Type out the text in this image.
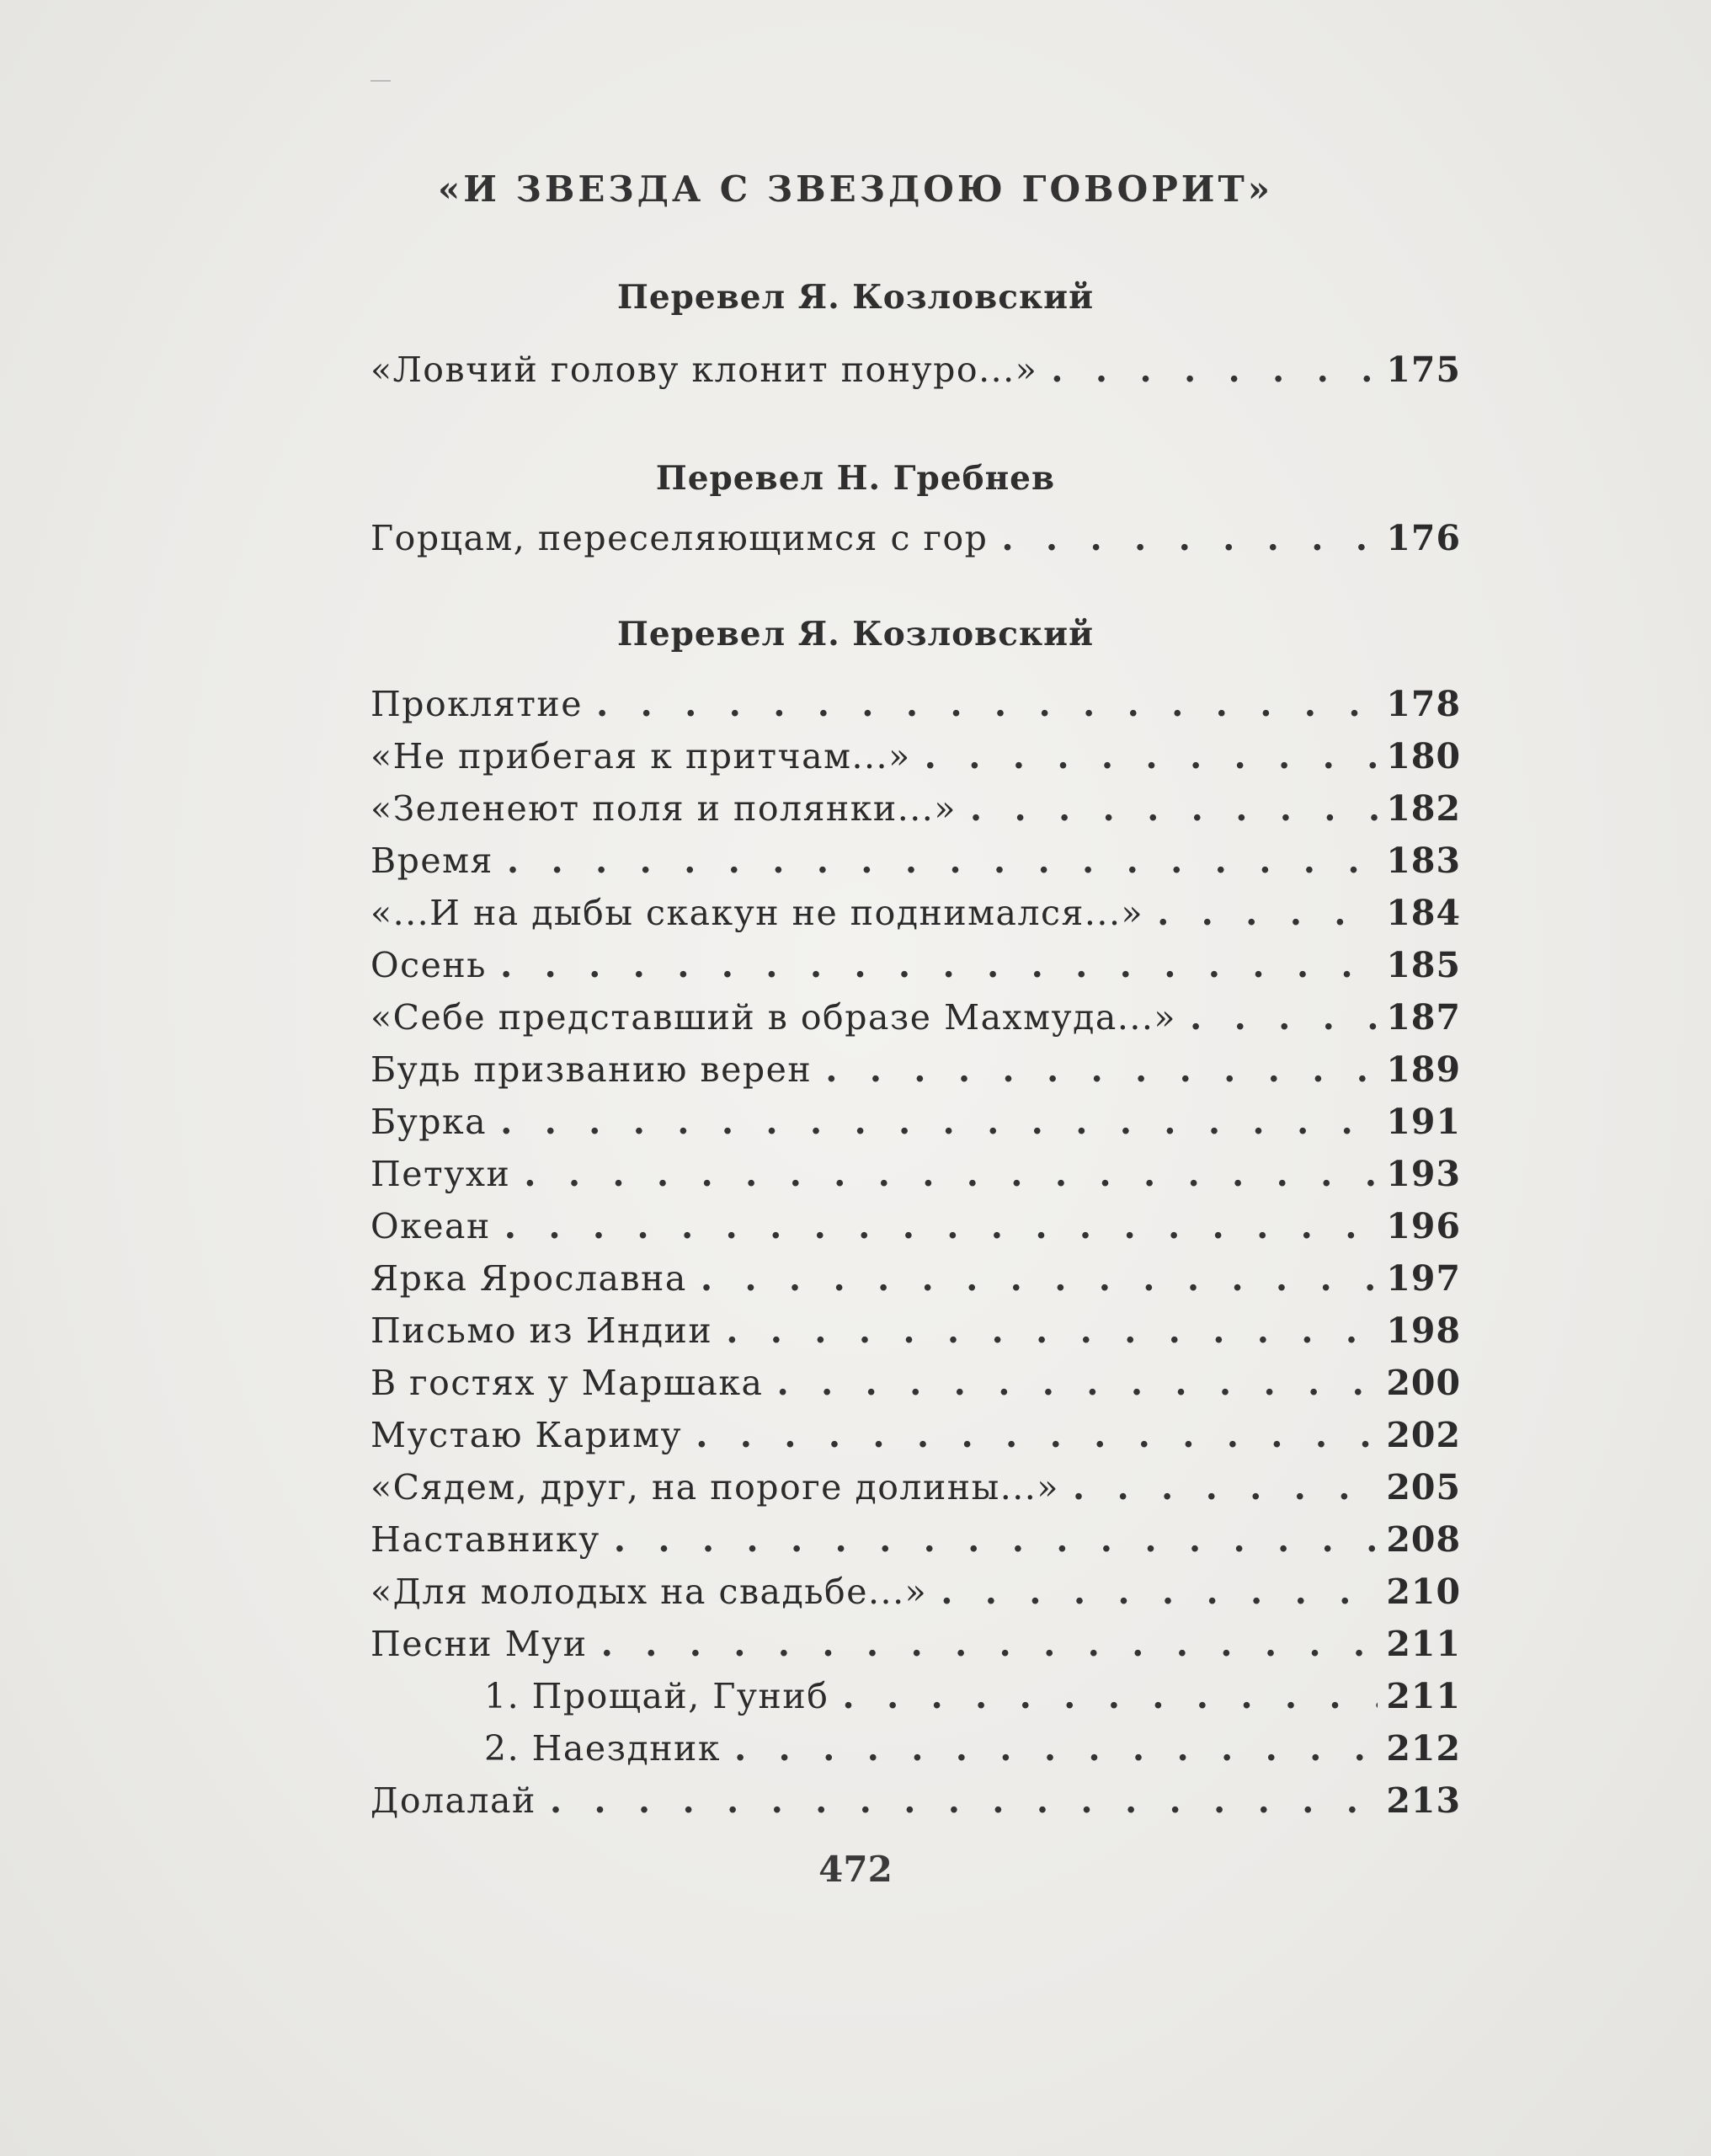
«И ЗВЕЗДА С ЗВЕЗДОЮ ГОВОРИТ»
Перевел Я. Козловский
«Ловчий голову клонит понуро...» . . .	175
Перевел Н. Гребнев
Горцам, переселяющимся с гор . . .	176
Перевел Я. Козловский
Проклятие . . .	178
«Не прибегая к притчам...» . . .	180
«Зеленеют поля и полянки...» . . .	182
Время . . .	183
«...И на дыбы скакун не поднимался...» . . .	184
Осень . . .	185
«Себе представший в образе Махмуда...» . . .	187
Будь призванию верен . . .	189
Бурка . . .	191
Петухи . . .	193
Океан . . .	196
Ярка Ярославна . . .	197
Письмо из Индии . . .	198
В гостях у Маршака . . .	200
Мустаю Кариму . . .	202
«Сядем, друг, на пороге долины...» . . .	205
Наставнику . . .	208
«Для молодых на свадьбе...» . . .	210
Песни Муи . . .	211
1. Прощай, Гуниб . . .	211
2. Наездник . . .	212
Долалай . . .	213
472
